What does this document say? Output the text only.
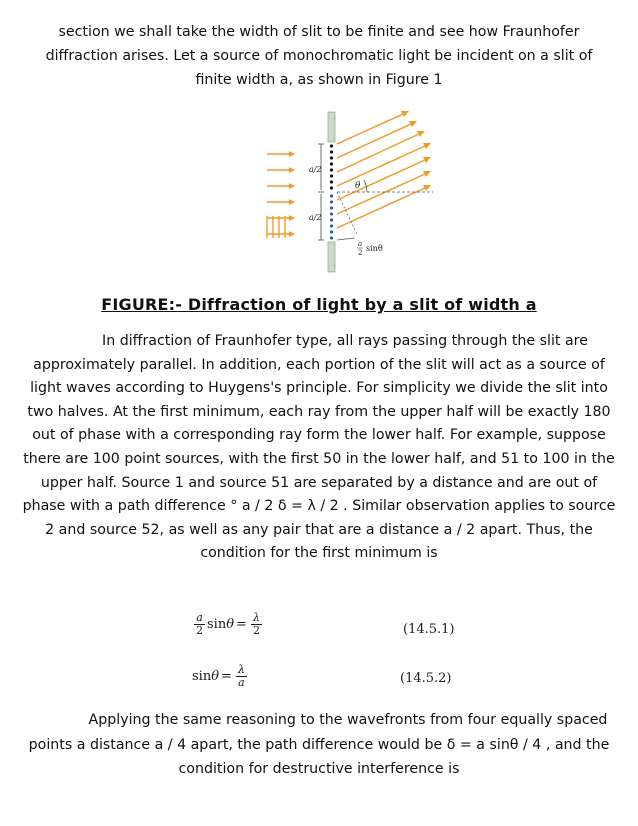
section we shall take the width of slit to be finite and see how Fraunhofer diffraction arises. Let a source of monochromatic light be incident on a slit of finite width a, as shown in Figure 1

a/2
a/2
θ
a
2 sinθ

FIGURE:- Diffraction of light by a slit of width a

In diffraction of Fraunhofer type, all rays passing through the slit are approximately parallel. In addition, each portion of the slit will act as a source of light waves according to Huygens's principle. For simplicity we divide the slit into two halves. At the first minimum, each ray from the upper half will be exactly 180 out of phase with a corresponding ray form the lower half. For example, suppose there are 100 point sources, with the first 50 in the lower half, and 51 to 100 in the upper half. Source 1 and source 51 are separated by a distance and are out of phase with a path difference ° a / 2 δ = λ / 2 . Similar observation applies to source 2 and source 52, as well as any pair that are a distance a / 2 apart. Thus, the condition for the first minimum is

$\frac{a}{2}$ $\sin \theta = \frac{\lambda}{2}$	(14.5.1)
$\sin \theta = \frac{\lambda}{a}$	(14.5.2)

Applying the same reasoning to the wavefronts from four equally spaced points a distance a / 4 apart, the path difference would be δ = a sinθ / 4 , and the condition for destructive interference is
